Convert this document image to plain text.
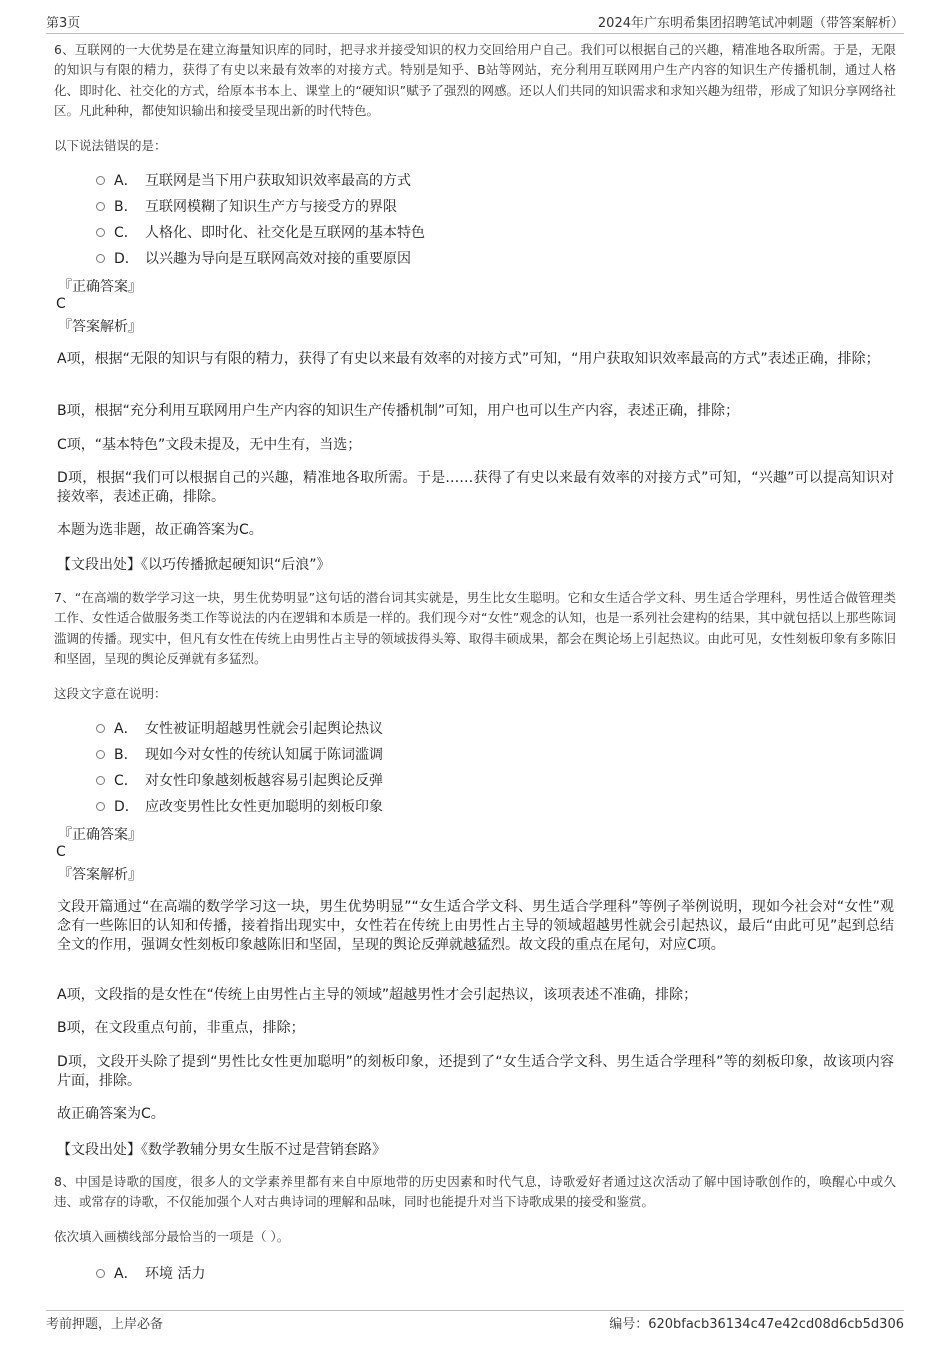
第3页	2024年广东明希集团招聘笔试冲刺题（带答案解析）

6、互联网的一大优势是在建立海量知识库的同时，把寻求并接受知识的权力交回给用户自己。我们可以根据自己的兴趣，精准地各取所需。于是，无限的知识与有限的精力，获得了有史以来最有效率的对接方式。特别是知乎、B站等网站，充分利用互联网用户生产内容的知识生产传播机制，通过人格化、即时化、社交化的方式，给原本书本上、课堂上的“硬知识”赋予了强烈的网感。还以人们共同的知识需求和求知兴趣为纽带，形成了知识分享网络社区。凡此种种，都使知识输出和接受呈现出新的时代特色。

以下说法错误的是：

A． 互联网是当下用户获取知识效率最高的方式
B． 互联网模糊了知识生产方与接受方的界限
C． 人格化、即时化、社交化是互联网的基本特色
D． 以兴趣为导向是互联网高效对接的重要原因

『正确答案』

C

『答案解析』

A项，根据“无限的知识与有限的精力，获得了有史以来最有效率的对接方式”可知，“用户获取知识效率最高的方式”表述正确，排除；

B项，根据“充分利用互联网用户生产内容的知识生产传播机制”可知，用户也可以生产内容，表述正确，排除；

C项，“基本特色”文段未提及，无中生有，当选；

D项，根据“我们可以根据自己的兴趣，精准地各取所需。于是……获得了有史以来最有效率的对接方式”可知，“兴趣”可以提高知识对接效率，表述正确，排除。

本题为选非题，故正确答案为C。

【文段出处】《以巧传播掀起硬知识“后浪”》

7、“在高端的数学学习这一块，男生优势明显”这句话的潜台词其实就是，男生比女生聪明。它和女生适合学文科、男生适合学理科，男性适合做管理类工作、女性适合做服务类工作等说法的内在逻辑和本质是一样的。我们现今对“女性”观念的认知，也是一系列社会建构的结果，其中就包括以上那些陈词滥调的传播。现实中，但凡有女性在传统上由男性占主导的领域拔得头筹、取得丰硕成果，都会在舆论场上引起热议。由此可见，女性刻板印象有多陈旧和坚固，呈现的舆论反弹就有多猛烈。

这段文字意在说明：

A． 女性被证明超越男性就会引起舆论热议
B． 现如今对女性的传统认知属于陈词滥调
C． 对女性印象越刻板越容易引起舆论反弹
D． 应改变男性比女性更加聪明的刻板印象

『正确答案』

C

『答案解析』

文段开篇通过“在高端的数学学习这一块，男生优势明显”“女生适合学文科、男生适合学理科”等例子举例说明，现如今社会对“女性”观念有一些陈旧的认知和传播，接着指出现实中，女性若在传统上由男性占主导的领域超越男性就会引起热议，最后“由此可见”起到总结全文的作用，强调女性刻板印象越陈旧和坚固，呈现的舆论反弹就越猛烈。故文段的重点在尾句，对应C项。

A项，文段指的是女性在“传统上由男性占主导的领域”超越男性才会引起热议，该项表述不准确，排除；

B项，在文段重点句前，非重点，排除；

D项，文段开头除了提到“男性比女性更加聪明”的刻板印象，还提到了“女生适合学文科、男生适合学理科”等的刻板印象，故该项内容片面，排除。

故正确答案为C。

【文段出处】《数学教辅分男女生版不过是营销套路》

8、中国是诗歌的国度，很多人的文学素养里都有来自中原地带的历史因素和时代气息，诗歌爱好者通过这次活动了解中国诗歌创作的，唤醒心中或久违、或常存的诗歌，不仅能加强个人对古典诗词的理解和品味，同时也能提升对当下诗歌成果的接受和鉴赏。

依次填入画横线部分最恰当的一项是（ ）。

A． 环境 活力
考前押题，上岸必备	编号：620bfacb36134c47e42cd08d6cb5d306
